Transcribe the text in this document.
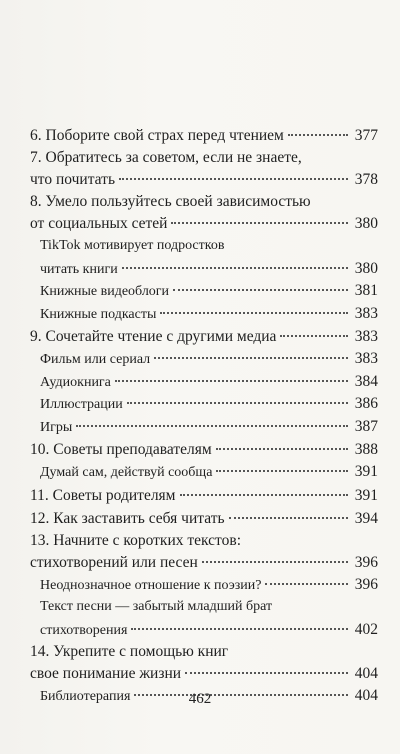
6. Поборите свой страх перед чтением	377
7. Обратитесь за советом, если не знаете,
что почитать	378
8. Умело пользуйтесь своей зависимостью
от социальных сетей	380
TikTok мотивирует подростков
читать книги	380
Книжные видеоблоги	381
Книжные подкасты	383
9. Сочетайте чтение с другими медиа	383
Фильм или сериал	383
Аудиокнига	384
Иллюстрации	386
Игры	387
10. Советы преподавателям	388
Думай сам, действуй сообща	391
11. Советы родителям	391
12. Как заставить себя читать	394
13. Начните с коротких текстов:
стихотворений или песен	396
Неоднозначное отношение к поэзии?	396
Текст песни — забытый младший брат
стихотворения	402
14. Укрепите с помощью книг
свое понимание жизни	404
Библиотерапия	404
462
